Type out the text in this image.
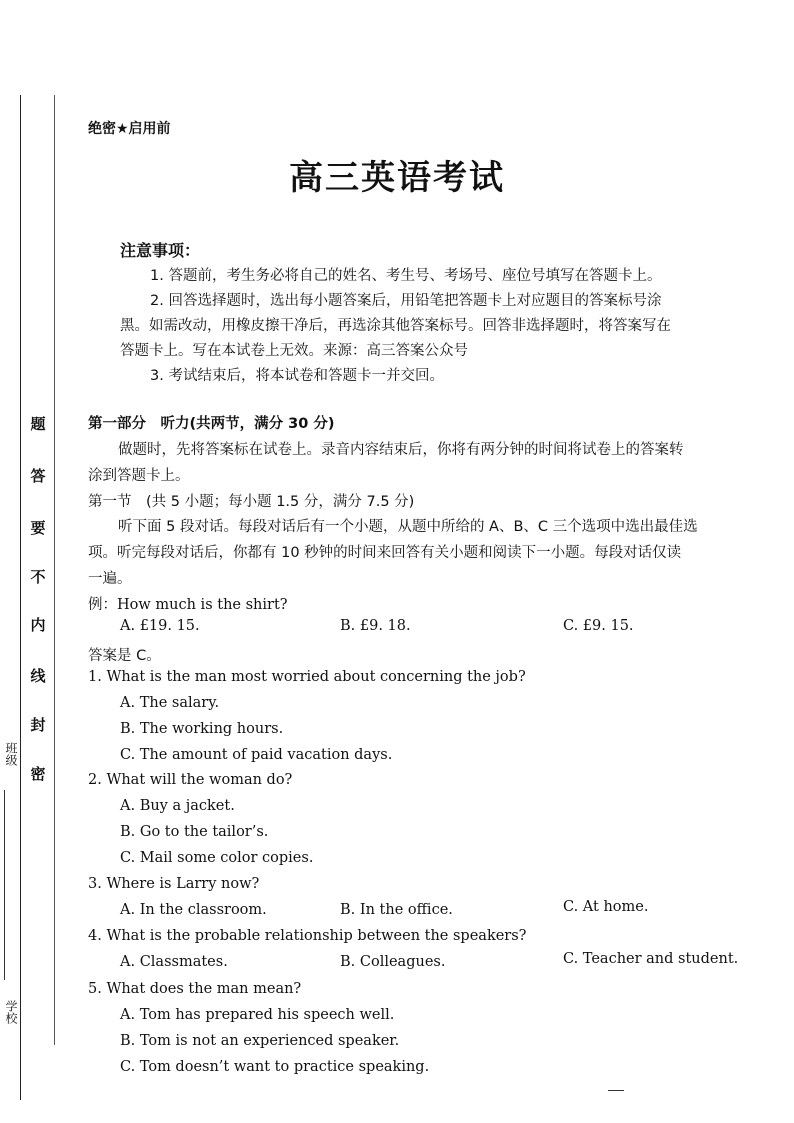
题
答
要
不
内
线
封
密
班级
学校
绝密★启用前
高三英语考试
注意事项：
1. 答题前，考生务必将自己的姓名、考生号、考场号、座位号填写在答题卡上。
2. 回答选择题时，选出每小题答案后，用铅笔把答题卡上对应题目的答案标号涂
黑。如需改动，用橡皮擦干净后，再选涂其他答案标号。回答非选择题时，将答案写在
答题卡上。写在本试卷上无效。来源：高三答案公众号
3. 考试结束后，将本试卷和答题卡一并交回。
第一部分　听力(共两节，满分 30 分)
做题时，先将答案标在试卷上。录音内容结束后，你将有两分钟的时间将试卷上的答案转
涂到答题卡上。
第一节　(共 5 小题；每小题 1.5 分，满分 7.5 分)
听下面 5 段对话。每段对话后有一个小题，从题中所给的 A、B、C 三个选项中选出最佳选
项。听完每段对话后，你都有 10 秒钟的时间来回答有关小题和阅读下一小题。每段对话仅读
一遍。
例：How much is the shirt?
A. £19. 15.	B. £9. 18.	C. £9. 15.
答案是 C。
1. What is the man most worried about concerning the job?
A. The salary.
B. The working hours.
C. The amount of paid vacation days.
2. What will the woman do?
A. Buy a jacket.
B. Go to the tailor’s.
C. Mail some color copies.
3. Where is Larry now?
A. In the classroom.	B. In the office.	C. At home.
4. What is the probable relationship between the speakers?
A. Classmates.	B. Colleagues.	C. Teacher and student.
5. What does the man mean?
A. Tom has prepared his speech well.
B. Tom is not an experienced speaker.
C. Tom doesn’t want to practice speaking.
